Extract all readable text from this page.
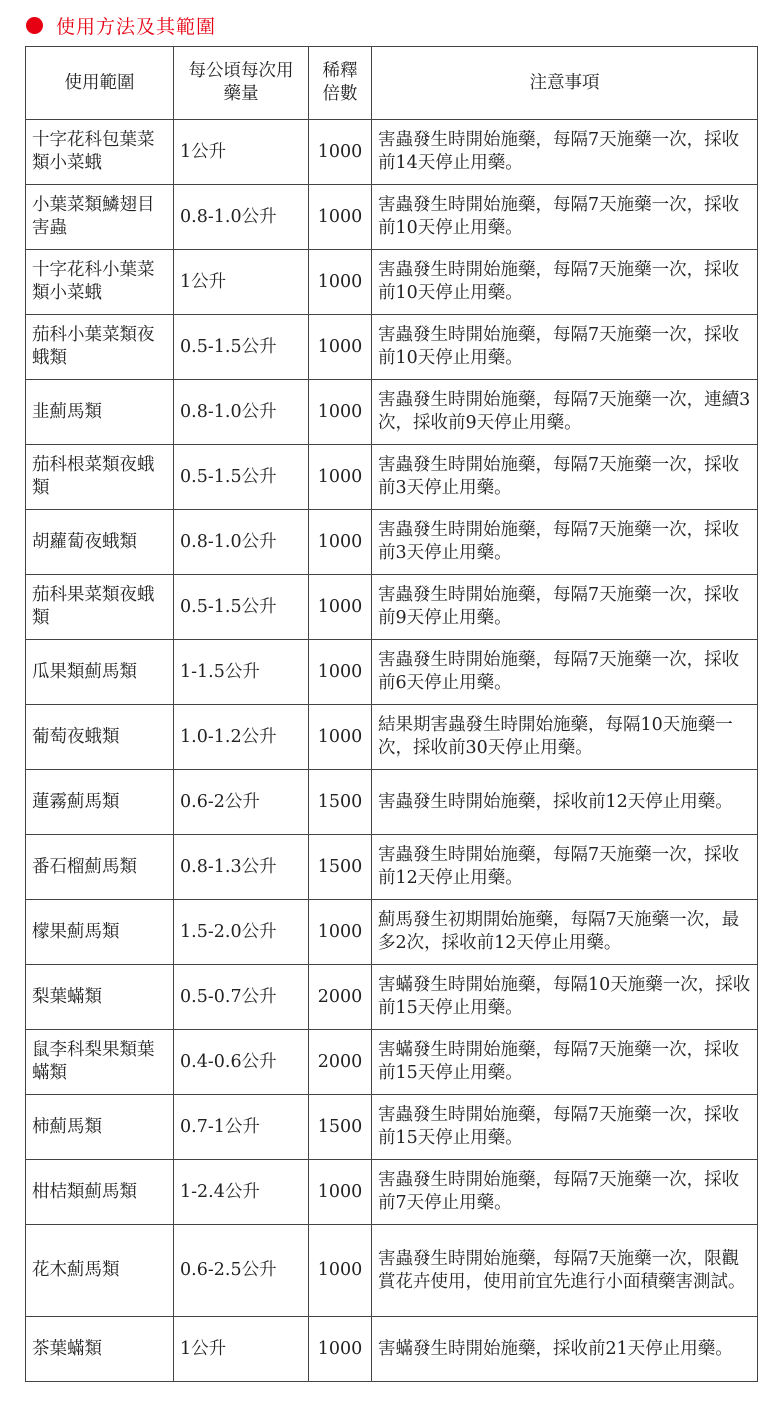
使用方法及其範圍
使用範圍	每公頃每次用藥量	稀釋倍數	注意事項
十字花科包葉菜類小菜蛾	1公升	1000	害蟲發生時開始施藥，每隔7天施藥一次，採收前14天停止用藥。
小葉菜類鱗翅目害蟲	0.8-1.0公升	1000	害蟲發生時開始施藥，每隔7天施藥一次，採收前10天停止用藥。
十字花科小葉菜類小菜蛾	1公升	1000	害蟲發生時開始施藥，每隔7天施藥一次，採收前10天停止用藥。
茄科小葉菜類夜蛾類	0.5-1.5公升	1000	害蟲發生時開始施藥，每隔7天施藥一次，採收前10天停止用藥。
韭薊馬類	0.8-1.0公升	1000	害蟲發生時開始施藥，每隔7天施藥一次，連續3次，採收前9天停止用藥。
茄科根菜類夜蛾類	0.5-1.5公升	1000	害蟲發生時開始施藥，每隔7天施藥一次，採收前3天停止用藥。
胡蘿蔔夜蛾類	0.8-1.0公升	1000	害蟲發生時開始施藥，每隔7天施藥一次，採收前3天停止用藥。
茄科果菜類夜蛾類	0.5-1.5公升	1000	害蟲發生時開始施藥，每隔7天施藥一次，採收前9天停止用藥。
瓜果類薊馬類	1-1.5公升	1000	害蟲發生時開始施藥，每隔7天施藥一次，採收前6天停止用藥。
葡萄夜蛾類	1.0-1.2公升	1000	結果期害蟲發生時開始施藥，每隔10天施藥一次，採收前30天停止用藥。
蓮霧薊馬類	0.6-2公升	1500	害蟲發生時開始施藥，採收前12天停止用藥。
番石榴薊馬類	0.8-1.3公升	1500	害蟲發生時開始施藥，每隔7天施藥一次，採收前12天停止用藥。
檬果薊馬類	1.5-2.0公升	1000	薊馬發生初期開始施藥，每隔7天施藥一次，最多2次，採收前12天停止用藥。
梨葉蟎類	0.5-0.7公升	2000	害蟎發生時開始施藥，每隔10天施藥一次，採收前15天停止用藥。
鼠李科梨果類葉蟎類	0.4-0.6公升	2000	害蟎發生時開始施藥，每隔7天施藥一次，採收前15天停止用藥。
柿薊馬類	0.7-1公升	1500	害蟲發生時開始施藥，每隔7天施藥一次，採收前15天停止用藥。
柑桔類薊馬類	1-2.4公升	1000	害蟲發生時開始施藥，每隔7天施藥一次，採收前7天停止用藥。
花木薊馬類	0.6-2.5公升	1000	害蟲發生時開始施藥，每隔7天施藥一次，限觀賞花卉使用，使用前宜先進行小面積藥害測試。
茶葉蟎類	1公升	1000	害蟎發生時開始施藥，採收前21天停止用藥。
